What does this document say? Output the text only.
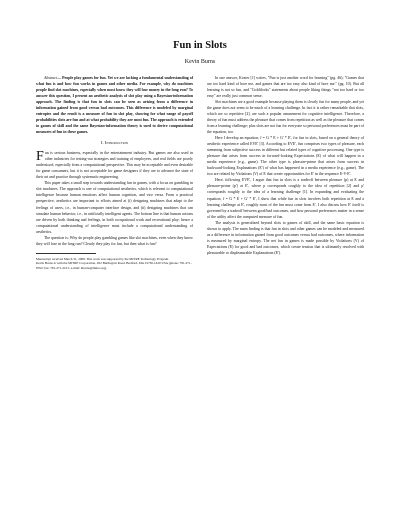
Fun in Slots
Kevin Burns

Abstract— People play games for fun. Yet we are lacking a fundamental understanding of what fun is and how fun works in games and other media. For example, why do machines people find slot machines, especially when most know they will lose money in the long run? To answer this question, I present an aesthetic analysis of slot play using a Bayesian-information approach. The finding is that fun in slots can be seen as arising from a difference in information gained from good versus bad outcomes. This difference is modeled by marginal entropies and the result is a measure of fun in slot play, showing for what range of payoff probabilities slots are fun and at what probability they are most fun. The approach is extended to games of skill and the same Bayesian-information theory is used to derive computational measures of fun in these games.

I. Introduction

Fun is serious business, especially in the entertainment industry. But games are also used in other industries for testing-out strategies and training of employees, and real fields are poorly understood, especially from a computational perspective. This may be acceptable and even desirable for game consumers, but it is not acceptable for game designers if they are to advance the state of their art and practice through systematic engineering.

This paper takes a small step towards understanding fun in games, with a focus on gambling in slot machines. The approach is one of computational aesthetics, which is relevant to computational intelligence because human emotions affect human cognition, and vice versa. From a practical perspective, aesthetics are important to efforts aimed at (i) designing machines that adapt to the feelings of users, i.e., in human-computer interface design, and (ii) designing machines that can simulate human behavior, i.e., in artificially intelligent agents. The bottom line is that human actions are driven by both thinking and feelings, in both occupational work and recreational play; hence a computational understanding of intelligence must include a computational understanding of aesthetics.

The question is: Why do people play gambling games like slot machines, even when they know they will lose in the long run? Clearly they play for fun, but then what is fun?

Manuscript received March 31, 2008. This work was supported by the MITRE Technology Program.

Kevin Burns is with the MITRE Corporation, 202 Burlington Road, Bedford, MA 01730-1420 USA (phone: 781-271-8762; fax: 781-271-2101; e-mail: kburns@mitre.org).

In one answer, Koster [1] writes, "Fun is just another word for learning" (pg. 46); "Games that are too hard kind of bore me, and games that are too easy also kind of bore me." (pg. 10). But all learning is not so fun, and "Goldilocks" statements about people liking things "not too hard or too easy" are really just common sense.

Slot machines are a good example because playing them is clearly fun for many people, and yet the game does not seem to be much of a learning challenge. In fact it is rather remarkable that slots, which are so repetitive [2], are such a popular amusement for cognitive intelligence. Therefore, a theory of fun must address the pleasure that comes from repetition as well as the pleasure that comes from a learning challenge; plus slots are not fun for everyone so personal preferences must be part of the equation, too.

Here I develop an equation, f = G * E + G' * E', for fun in slots, based on a general theory of aesthetic experience called EVE' [3]. According to EVE', fun comprises two types of pleasure, each stemming from subjective success in different but related types of cognitive processing. One type is pleasure that arises from success in forward-looking Expectations (E) of what will happen in a media experience (e.g., game). The other type is pleasure-prime that arises from success in backward-looking Explanations (E') of what has happened in a media experience (e.g., game). The two are related by Violations (V) of E that create opportunities for E' in the sequence E-V-E'.

Here, following EVE', I argue that fun in slots is a tradeoff between pleasure (p) at E and pleasure-prime (p') at E', where p corresponds roughly to the idea of repetition [2] and p' corresponds roughly to the idea of a learning challenge [1]. In expanding and evaluating the equation, f = G * E + G' * E', I show that while fun in slots involves both repetition at E and a learning challenge at E', roughly most of the fun must come from E'. I also discuss how E' itself is governed by a tradeoff between good/bad outcomes, and how personal preferences matter in a sense of the utility affect the computed measure of fun.

The analysis is generalized beyond slots to games of skill, and the same basic equation is shown to apply. The main finding is that fun in slots and other games can be modeled and measured as a difference in information gained from good outcomes versus bad outcomes, where information is measured by marginal entropy. The net fun in games is made possible by Violations (V) of Expectations (E) for good and bad outcomes, which create tension that is ultimately resolved with pleasurable or displeasurable Explanations (E').
